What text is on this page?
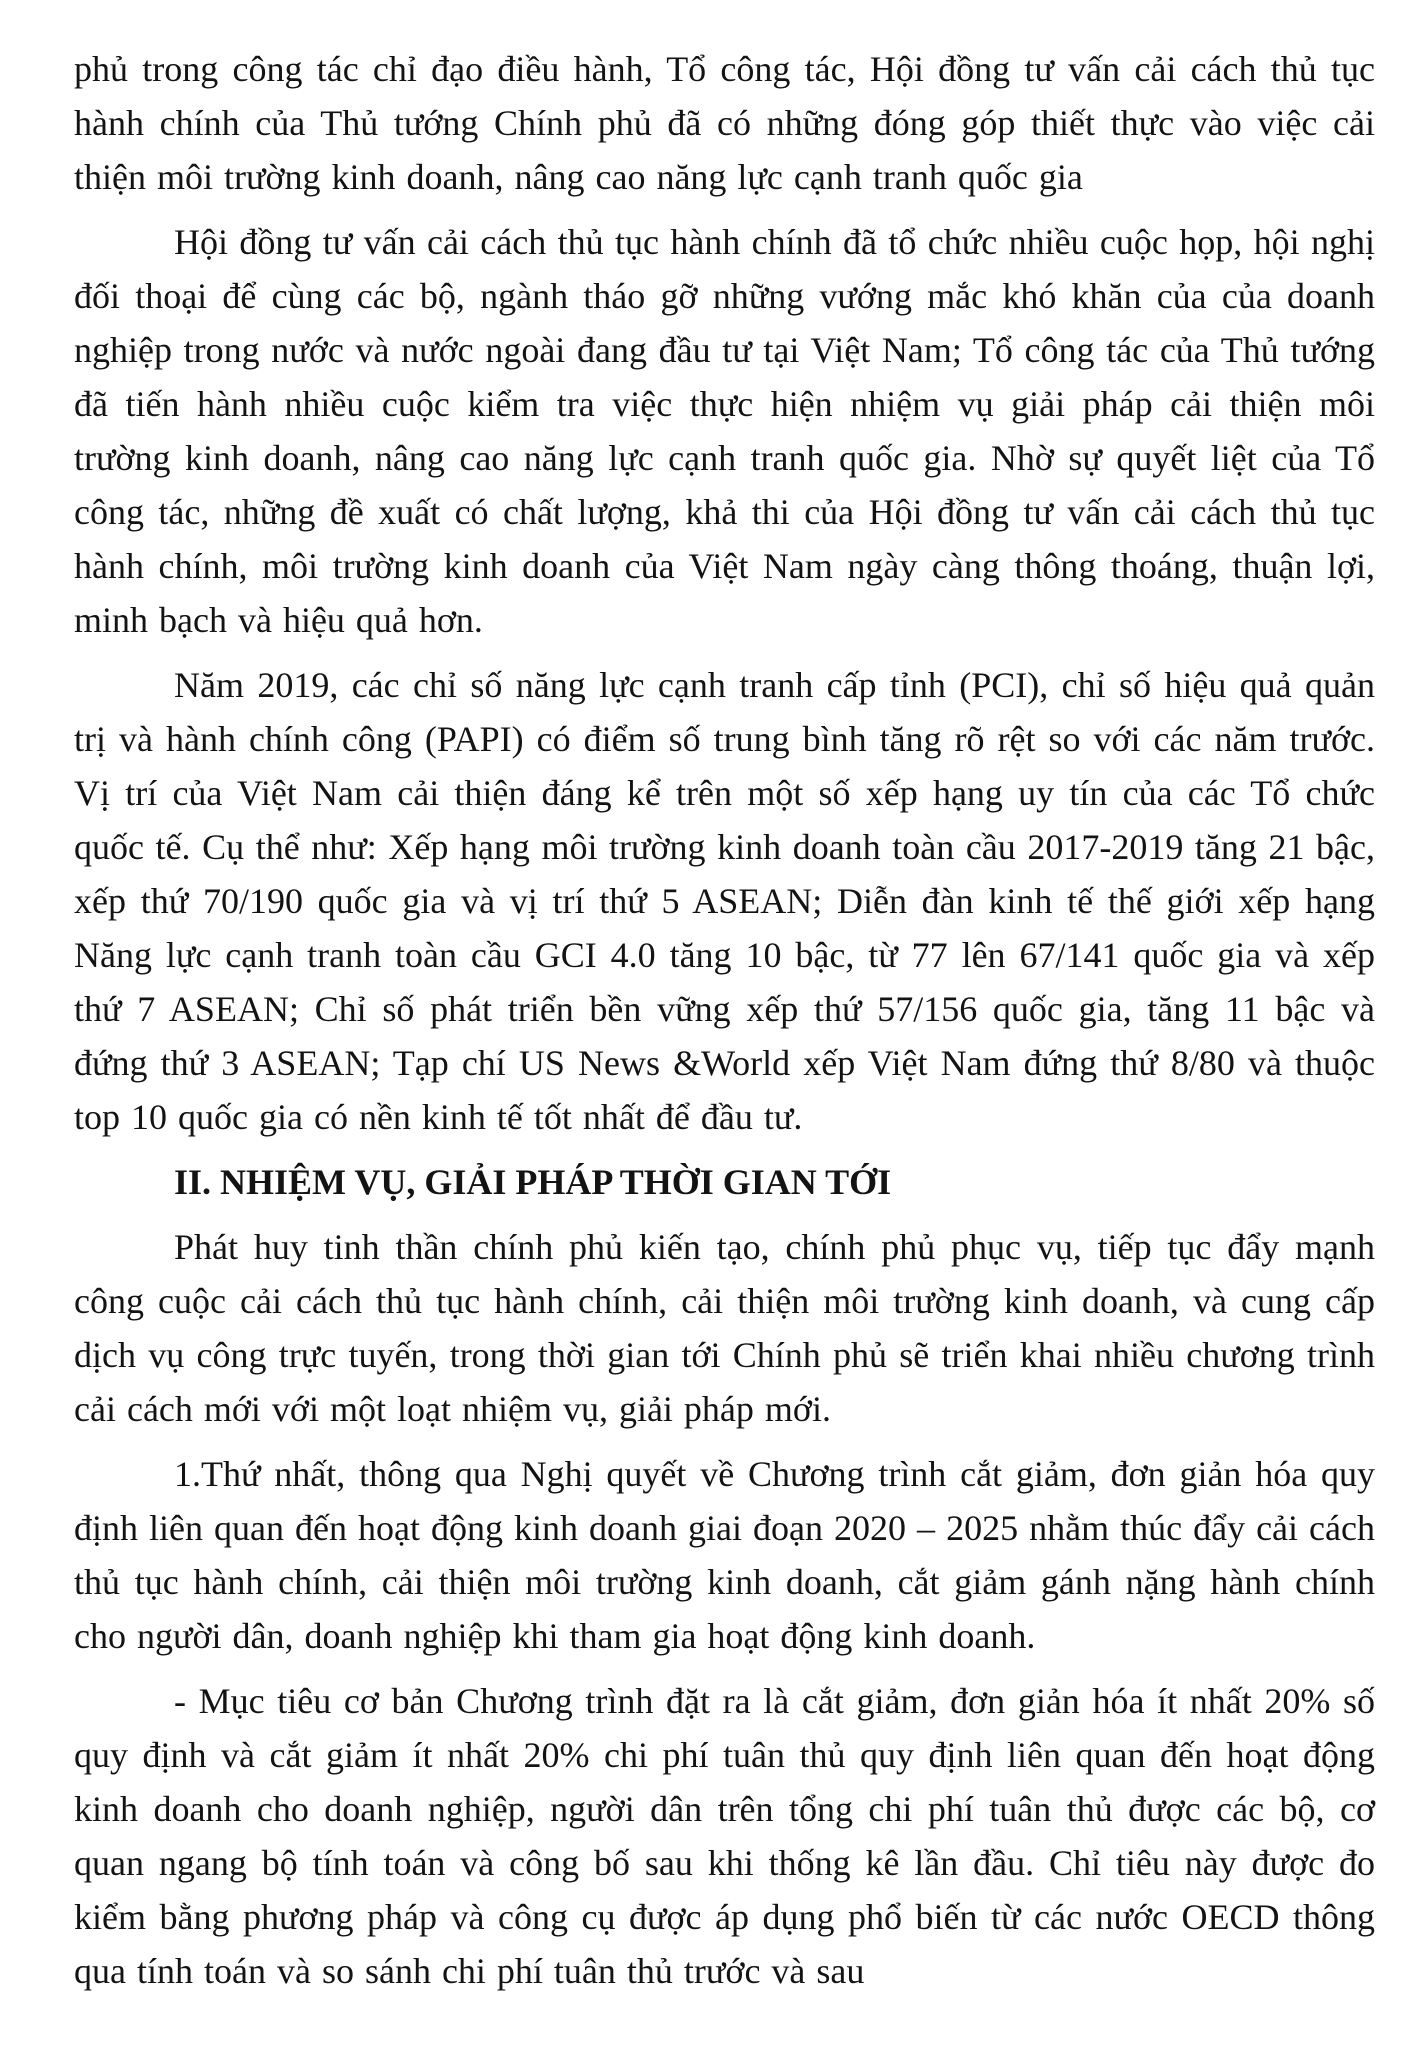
phủ trong công tác chỉ đạo điều hành, Tổ công tác, Hội đồng tư vấn cải cách thủ tục hành chính của Thủ tướng Chính phủ đã có những đóng góp thiết thực vào việc cải thiện môi trường kinh doanh, nâng cao năng lực cạnh tranh quốc gia

Hội đồng tư vấn cải cách thủ tục hành chính đã tổ chức nhiều cuộc họp, hội nghị đối thoại để cùng các bộ, ngành tháo gỡ những vướng mắc khó khăn của của doanh nghiệp trong nước và nước ngoài đang đầu tư tại Việt Nam; Tổ công tác của Thủ tướng đã tiến hành nhiều cuộc kiểm tra việc thực hiện nhiệm vụ giải pháp cải thiện môi trường kinh doanh, nâng cao năng lực cạnh tranh quốc gia. Nhờ sự quyết liệt của Tổ công tác, những đề xuất có chất lượng, khả thi của Hội đồng tư vấn cải cách thủ tục hành chính, môi trường kinh doanh của Việt Nam ngày càng thông thoáng, thuận lợi, minh bạch và hiệu quả hơn.

Năm 2019, các chỉ số năng lực cạnh tranh cấp tỉnh (PCI), chỉ số hiệu quả quản trị và hành chính công (PAPI) có điểm số trung bình tăng rõ rệt so với các năm trước. Vị trí của Việt Nam cải thiện đáng kể trên một số xếp hạng uy tín của các Tổ chức quốc tế. Cụ thể như: Xếp hạng môi trường kinh doanh toàn cầu 2017-2019 tăng 21 bậc, xếp thứ 70/190 quốc gia và vị trí thứ 5 ASEAN; Diễn đàn kinh tế thế giới xếp hạng Năng lực cạnh tranh toàn cầu GCI 4.0 tăng 10 bậc, từ 77 lên 67/141 quốc gia và xếp thứ 7 ASEAN; Chỉ số phát triển bền vững xếp thứ 57/156 quốc gia, tăng 11 bậc và đứng thứ 3 ASEAN; Tạp chí US News &World xếp Việt Nam đứng thứ 8/80 và thuộc top 10 quốc gia có nền kinh tế tốt nhất để đầu tư.

II. NHIỆM VỤ, GIẢI PHÁP THỜI GIAN TỚI

Phát huy tinh thần chính phủ kiến tạo, chính phủ phục vụ, tiếp tục đẩy mạnh công cuộc cải cách thủ tục hành chính, cải thiện môi trường kinh doanh, và cung cấp dịch vụ công trực tuyến, trong thời gian tới Chính phủ sẽ triển khai nhiều chương trình cải cách mới với một loạt nhiệm vụ, giải pháp mới.

1.Thứ nhất, thông qua Nghị quyết về Chương trình cắt giảm, đơn giản hóa quy định liên quan đến hoạt động kinh doanh giai đoạn 2020 – 2025 nhằm thúc đẩy cải cách thủ tục hành chính, cải thiện môi trường kinh doanh, cắt giảm gánh nặng hành chính cho người dân, doanh nghiệp khi tham gia hoạt động kinh doanh.

- Mục tiêu cơ bản Chương trình đặt ra là cắt giảm, đơn giản hóa ít nhất 20% số quy định và cắt giảm ít nhất 20% chi phí tuân thủ quy định liên quan đến hoạt động kinh doanh cho doanh nghiệp, người dân trên tổng chi phí tuân thủ được các bộ, cơ quan ngang bộ tính toán và công bố sau khi thống kê lần đầu. Chỉ tiêu này được đo kiểm bằng phương pháp và công cụ được áp dụng phổ biến từ các nước OECD thông qua tính toán và so sánh chi phí tuân thủ trước và sau
